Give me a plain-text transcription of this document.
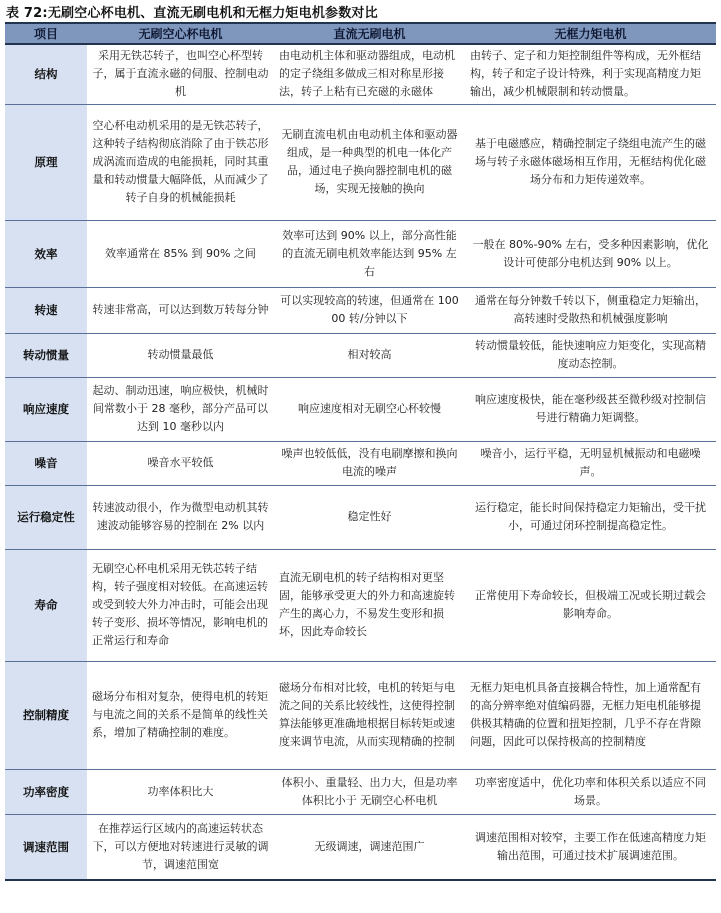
表 72:无刷空心杯电机、直流无刷电机和无框力矩电机参数对比
项目	无刷空心杯电机	直流无刷电机	无框力矩电机
结构	采用无铁芯转子，也叫空心杯型转子，属于直流永磁的伺服、控制电动机	由电动机主体和驱动器组成，电动机的定子绕组多做成三相对称星形接法，转子上粘有已充磁的永磁体	由转子、定子和力矩控制组件等构成，无外框结构，转子和定子设计特殊，利于实现高精度力矩输出，减少机械限制和转动惯量。
原理	空心杯电动机采用的是无铁芯转子，这种转子结构彻底消除了由于铁芯形成涡流而造成的电能损耗，同时其重量和转动惯量大幅降低，从而减少了转子自身的机械能损耗	无刷直流电机由电动机主体和驱动器组成，是一种典型的机电一体化产品，通过电子换向器控制电机的磁场，实现无接触的换向	基于电磁感应，精确控制定子绕组电流产生的磁场与转子永磁体磁场相互作用，无框结构优化磁场分布和力矩传递效率。
效率	效率通常在 85% 到 90% 之间	效率可达到 90% 以上，部分高性能的直流无刷电机效率能达到 95% 左右	一般在 80%-90% 左右，受多种因素影响，优化设计可使部分电机达到 90% 以上。
转速	转速非常高，可以达到数万转每分钟	可以实现较高的转速，但通常在 10000 转/分钟以下	通常在每分钟数千转以下，侧重稳定力矩输出，高转速时受散热和机械强度影响
转动惯量	转动惯量最低	相对较高	转动惯量较低，能快速响应力矩变化，实现高精度动态控制。
响应速度	起动、制动迅速，响应极快，机械时间常数小于 28 毫秒，部分产品可以达到 10 毫秒以内	响应速度相对无刷空心杯较慢	响应速度极快，能在毫秒级甚至微秒级对控制信号进行精确力矩调整。
噪音	噪音水平较低	噪声也较低低，没有电刷摩擦和换向电流的噪声	噪音小，运行平稳，无明显机械振动和电磁噪声。
运行稳定性	转速波动很小，作为微型电动机其转速波动能够容易的控制在 2% 以内	稳定性好	运行稳定，能长时间保持稳定力矩输出，受干扰小，可通过闭环控制提高稳定性。
寿命	无刷空心杯电机采用无铁芯转子结构，转子强度相对较低。在高速运转或受到较大外力冲击时，可能会出现转子变形、损坏等情况，影响电机的正常运行和寿命	直流无刷电机的转子结构相对更坚固，能够承受更大的外力和高速旋转产生的离心力，不易发生变形和损坏，因此寿命较长	正常使用下寿命较长，但极端工况或长期过载会影响寿命。
控制精度	磁场分布相对复杂，使得电机的转矩与电流之间的关系不是简单的线性关系，增加了精确控制的难度。	磁场分布相对比较，电机的转矩与电流之间的关系比较线性，这使得控制算法能够更准确地根据目标转矩或速度来调节电流，从而实现精确的控制	无框力矩电机具备直接耦合特性，加上通常配有的高分辨率绝对值编码器，无框力矩电机能够提供极其精确的位置和扭矩控制，几乎不存在背隙问题，因此可以保持极高的控制精度
功率密度	功率体积比大	体积小、重量轻、出力大，但是功率体积比小于 无刷空心杯电机	功率密度适中，优化功率和体积关系以适应不同场景。
调速范围	在推荐运行区域内的高速运转状态下，可以方便地对转速进行灵敏的调节，调速范围宽	无级调速，调速范围广	调速范围相对较窄，主要工作在低速高精度力矩输出范围，可通过技术扩展调速范围。
